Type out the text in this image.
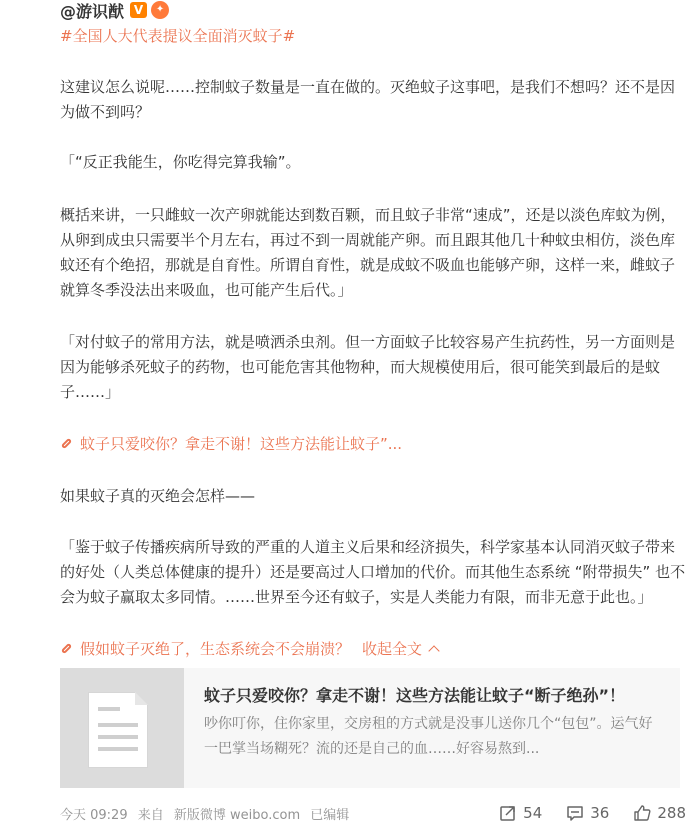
@游识猷 V	✦
#全国人大代表提议全面消灭蚊子#

这建议怎么说呢……控制蚊子数量是一直在做的。灭绝蚊子这事吧，是我们不想吗？还不是因为做不到吗？

「“反正我能生，你吃得完算我输”。

概括来讲，一只雌蚊一次产卵就能达到数百颗，而且蚊子非常“速成”，还是以淡色库蚊为例，从卵到成虫只需要半个月左右，再过不到一周就能产卵。而且跟其他几十种蚊虫相仿，淡色库蚊还有个绝招，那就是自育性。所谓自育性，就是成蚊不吸血也能够产卵，这样一来，雌蚊子就算冬季没法出来吸血，也可能产生后代。」

「对付蚊子的常用方法，就是喷洒杀虫剂。但一方面蚊子比较容易产生抗药性，另一方面则是因为能够杀死蚊子的药物，也可能危害其他物种，而大规模使用后，很可能笑到最后的是蚊子……」

蚊子只爱咬你？拿走不谢！这些方法能让蚊子”...

如果蚊子真的灭绝会怎样——

「鉴于蚊子传播疾病所导致的严重的人道主义后果和经济损失，科学家基本认同消灭蚊子带来的好处（人类总体健康的提升）还是要高过人口增加的代价。而其他生态系统 “附带损失” 也不会为蚊子赢取太多同情。……世界至今还有蚊子，实是人类能力有限，而非无意于此也。」

假如蚊子灭绝了，生态系统会不会崩溃？ 收起全文
蚊子只爱咬你？拿走不谢！这些方法能让蚊子“断子绝孙”！
吵你叮你，住你家里，交房租的方式就是没事儿送你几个“包包”。运气好一巴掌当场糊死？流的还是自己的血……好容易熬到...
今天 09:29 来自 新版微博 weibo.com 已编辑	54	36	288
